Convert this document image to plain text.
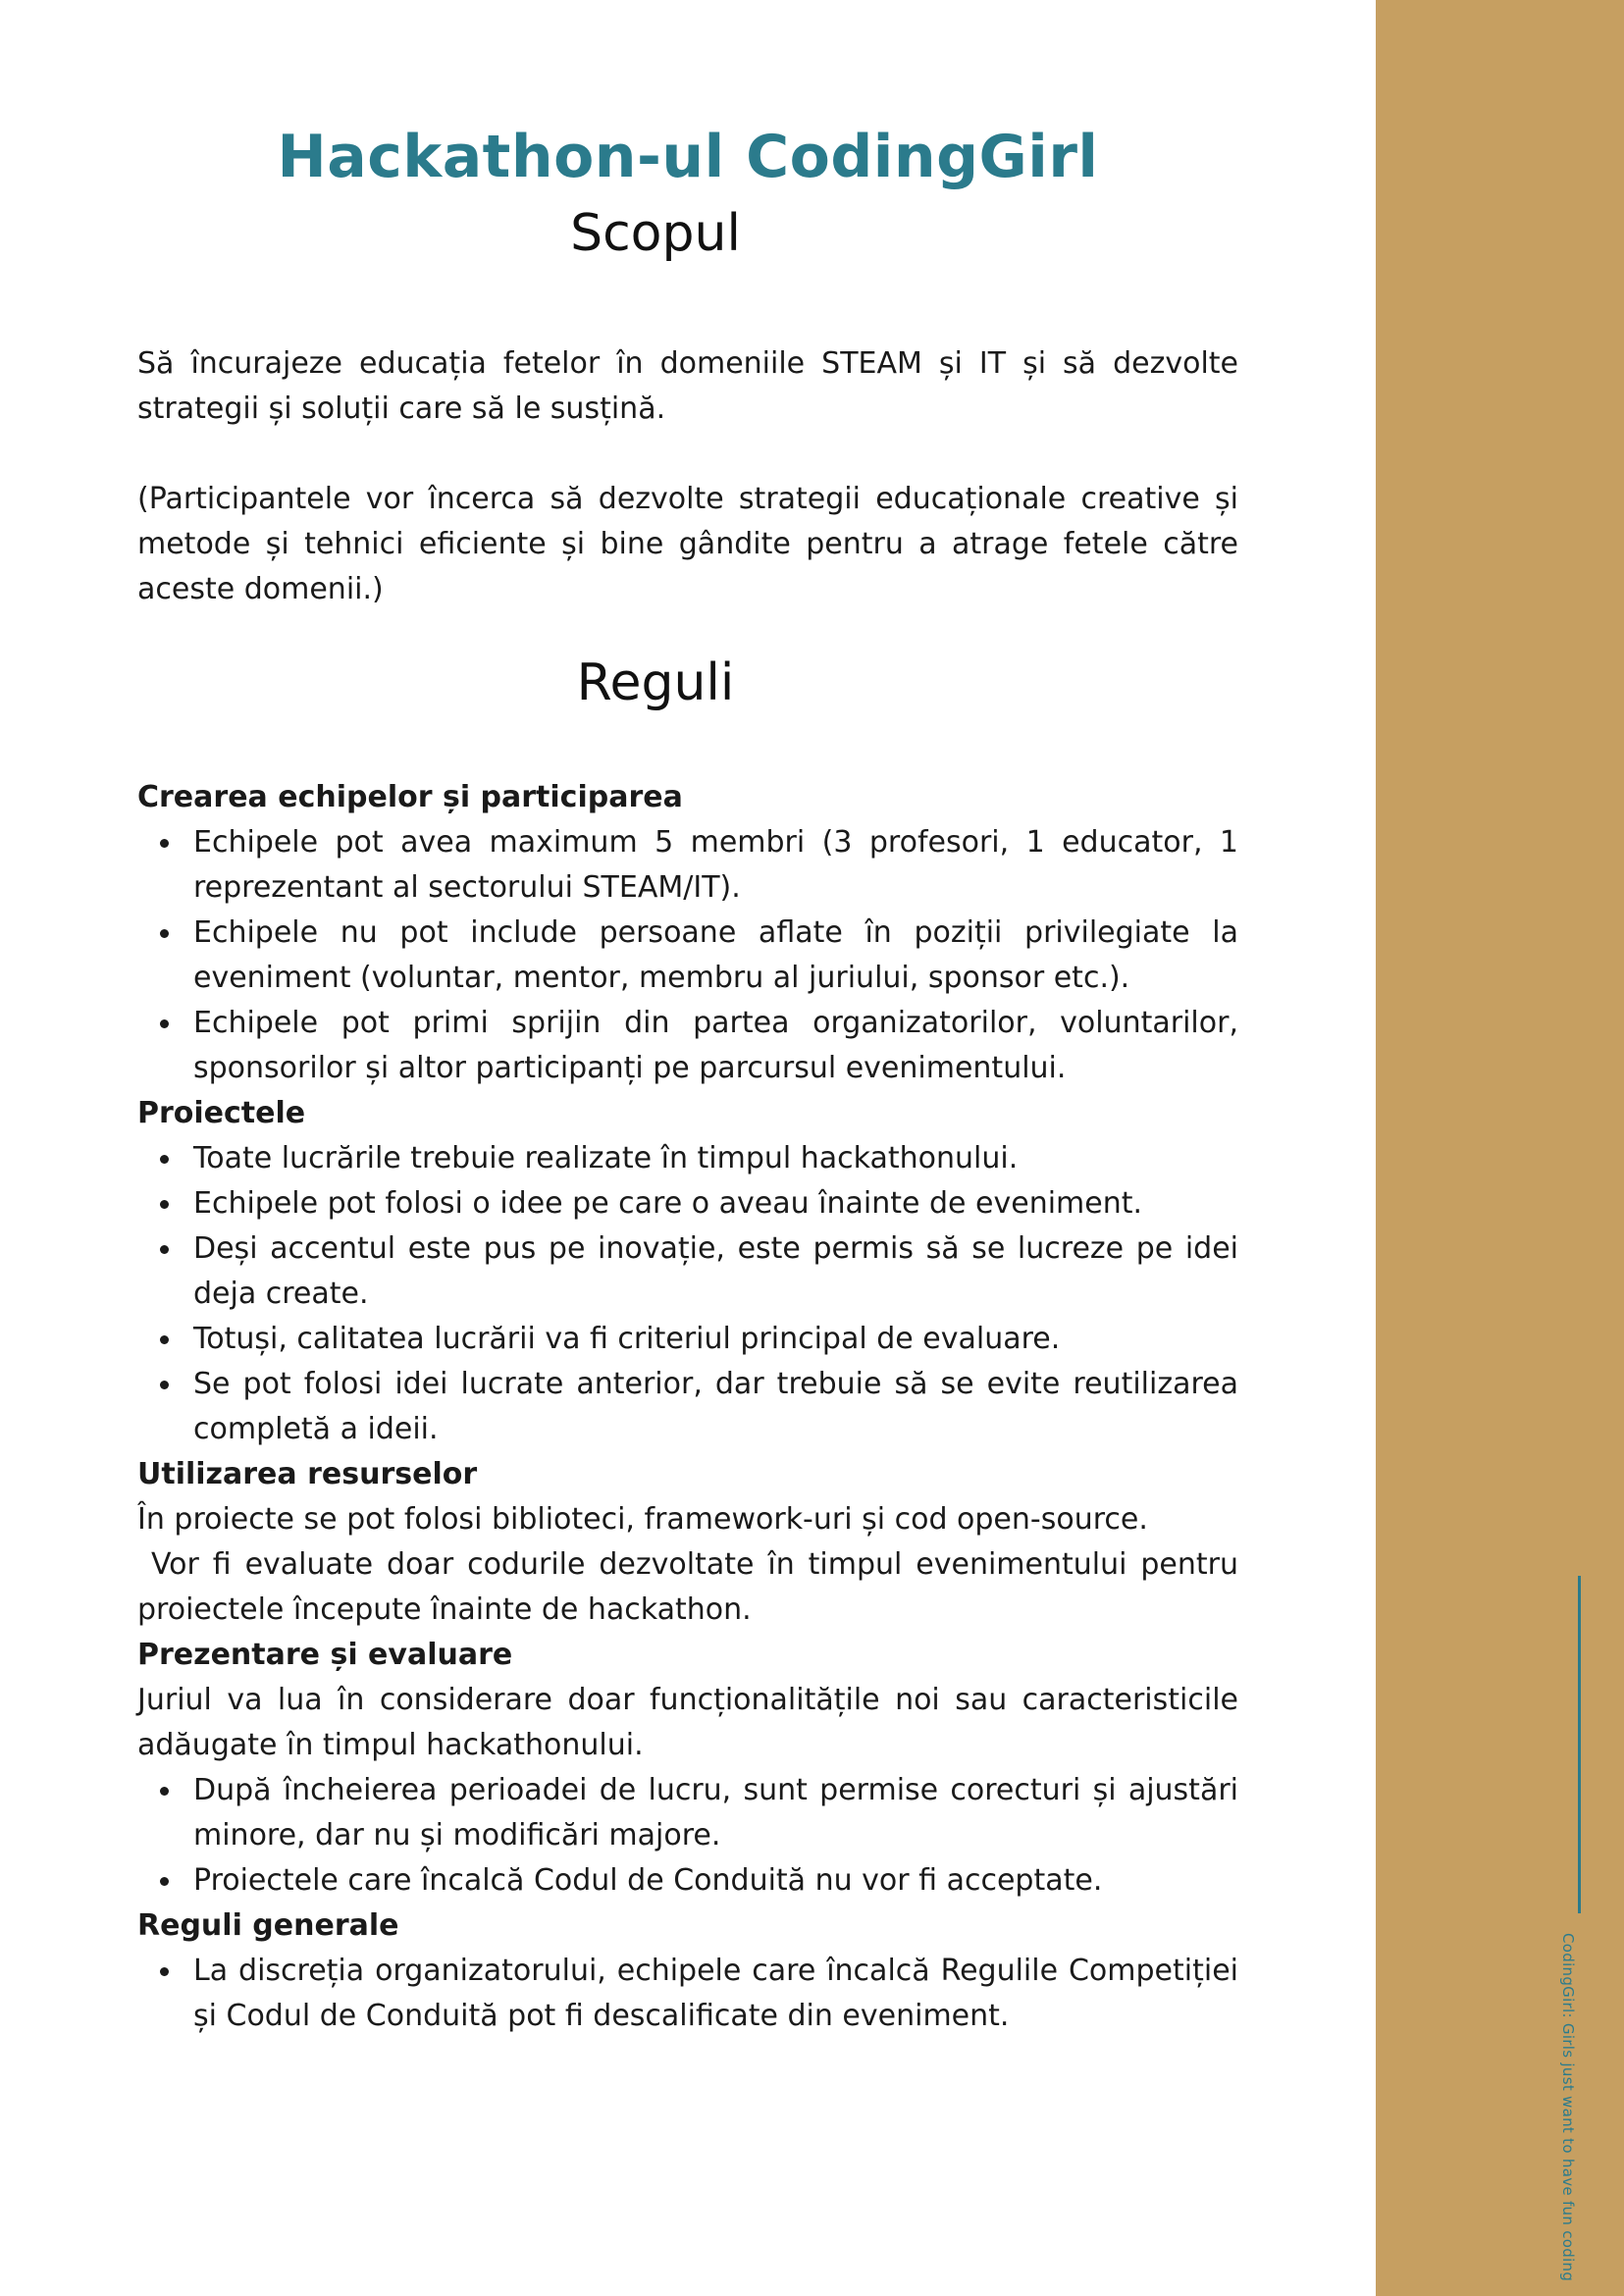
CodingGirl: Girls just want to have fun coding
Hackathon-ul CodingGirl
Scopul

Să încurajeze educația fetelor în domeniile STEAM și IT și să dezvolte strategii și soluții care să le susțină.

(Participantele vor încerca să dezvolte strategii educaționale creative și metode și tehnici eficiente și bine gândite pentru a atrage fetele către aceste domenii.)

Reguli
Crearea echipelor și participarea
Echipele pot avea maximum 5 membri (3 profesori, 1 educator, 1 reprezentant al sectorului STEAM/IT).
Echipele nu pot include persoane aflate în poziții privilegiate la eveniment (voluntar, mentor, membru al juriului, sponsor etc.).
Echipele pot primi sprijin din partea organizatorilor, voluntarilor, sponsorilor și altor participanți pe parcursul evenimentului.
Proiectele
Toate lucrările trebuie realizate în timpul hackathonului.
Echipele pot folosi o idee pe care o aveau înainte de eveniment.
Deși accentul este pus pe inovație, este permis să se lucreze pe idei deja create.
Totuși, calitatea lucrării va fi criteriul principal de evaluare.
Se pot folosi idei lucrate anterior, dar trebuie să se evite reutilizarea completă a ideii.
Utilizarea resurselor

În proiecte se pot folosi biblioteci, framework-uri și cod open-source.

Vor fi evaluate doar codurile dezvoltate în timpul evenimentului pentru proiectele începute înainte de hackathon.

Prezentare și evaluare

Juriul va lua în considerare doar funcționalitățile noi sau caracteristicile adăugate în timpul hackathonului.

După încheierea perioadei de lucru, sunt permise corecturi și ajustări minore, dar nu și modificări majore.
Proiectele care încalcă Codul de Conduită nu vor fi acceptate.
Reguli generale
La discreția organizatorului, echipele care încalcă Regulile Competiției și Codul de Conduită pot fi descalificate din eveniment.
